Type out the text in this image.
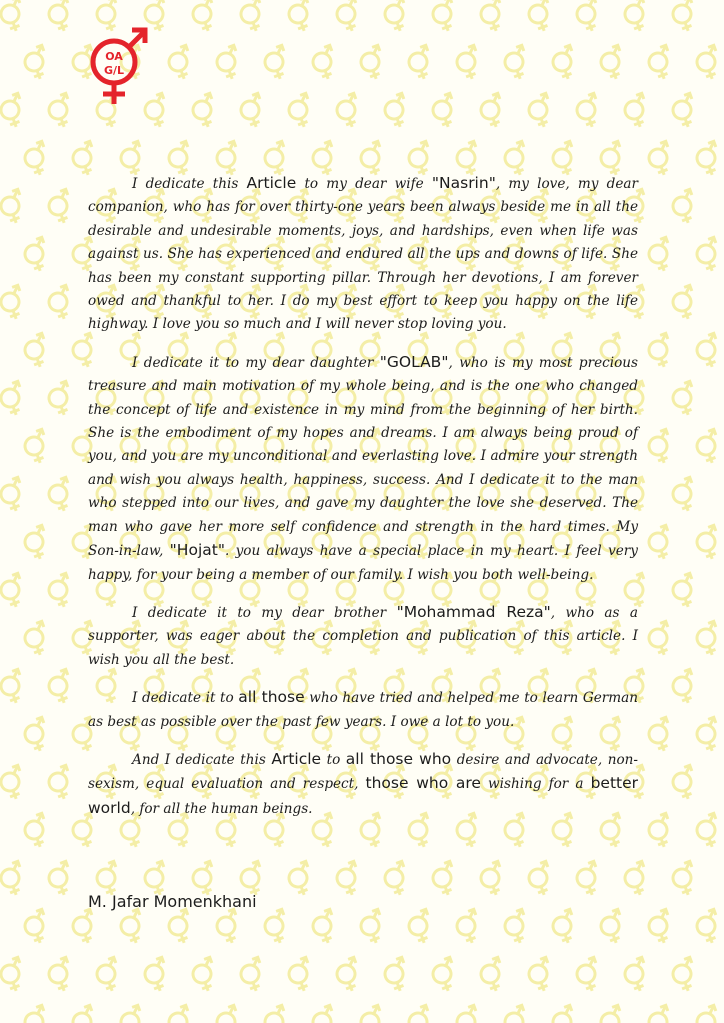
OA
G/L

I dedicate this Article to my dear wife "Nasrin", my love, my dear companion, who has for over thirty-one years been always beside me in all the desirable and undesirable moments, joys, and hardships, even when life was against us. She has experienced and endured all the ups and downs of life. She has been my constant supporting pillar. Through her devotions, I am forever owed and thankful to her. I do my best effort to keep you happy on the life highway. I love you so much and I will never stop loving you.

I dedicate it to my dear daughter "GOLAB", who is my most precious treasure and main motivation of my whole being, and is the one who changed the concept of life and existence in my mind from the beginning of her birth. She is the embodiment of my hopes and dreams. I am always being proud of you, and you are my unconditional and everlasting love. I admire your strength and wish you always health, happiness, success. And I dedicate it to the man who stepped into our lives, and gave my daughter the love she deserved. The man who gave her more self confidence and strength in the hard times. My Son-in-law, "Hojat". you always have a special place in my heart. I feel very happy, for your being a member of our family. I wish you both well-being.

I dedicate it to my dear brother "Mohammad Reza", who as a supporter, was eager about the completion and publication of this article. I wish you all the best.

I dedicate it to all those who have tried and helped me to learn German as best as possible over the past few years. I owe a lot to you.

And I dedicate this Article to all those who desire and advocate, non-sexism, equal evaluation and respect, those who are wishing for a better world, for all the human beings.

M. Jafar Momenkhani
